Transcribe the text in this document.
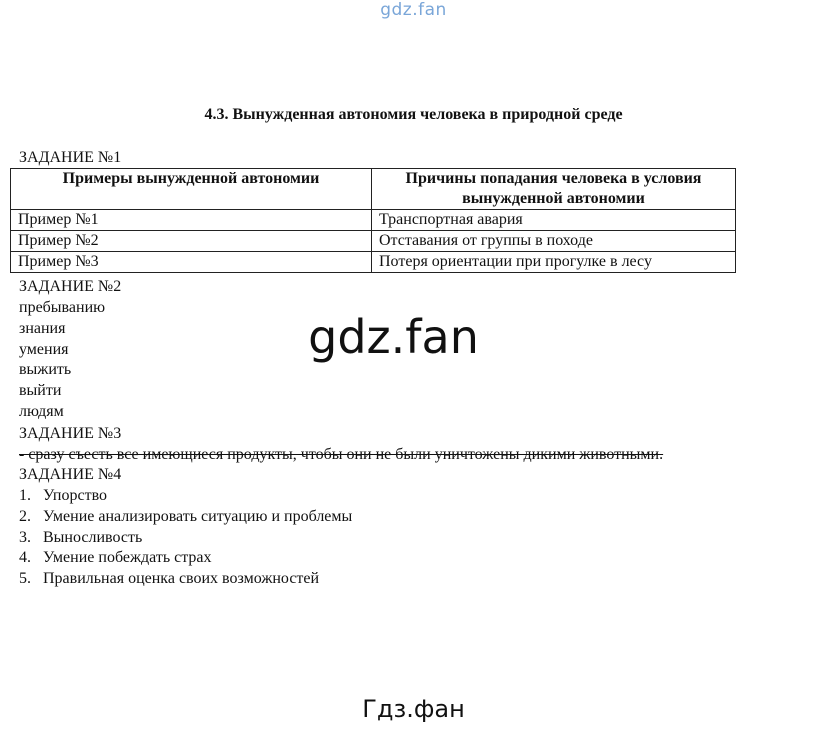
gdz.fan
4.3. Вынужденная автономия человека в природной среде
ЗАДАНИЕ №1
Примеры вынужденной автономии	Причины попадания человека в условия вынужденной автономии
Пример №1	Транспортная авария
Пример №2	Отставания от группы в походе
Пример №3	Потеря ориентации при прогулке в лесу
ЗАДАНИЕ №2
пребыванию
знания
умения
выжить
выйти
людям
ЗАДАНИЕ №3
- сразу съесть все имеющиеся продукты, чтобы они не были уничтожены дикими животными.
ЗАДАНИЕ №4
1. Упорство
2. Умение анализировать ситуацию и проблемы
3. Выносливость
4. Умение побеждать страх
5. Правильная оценка своих возможностей
gdz.fan
Гдз.фан
